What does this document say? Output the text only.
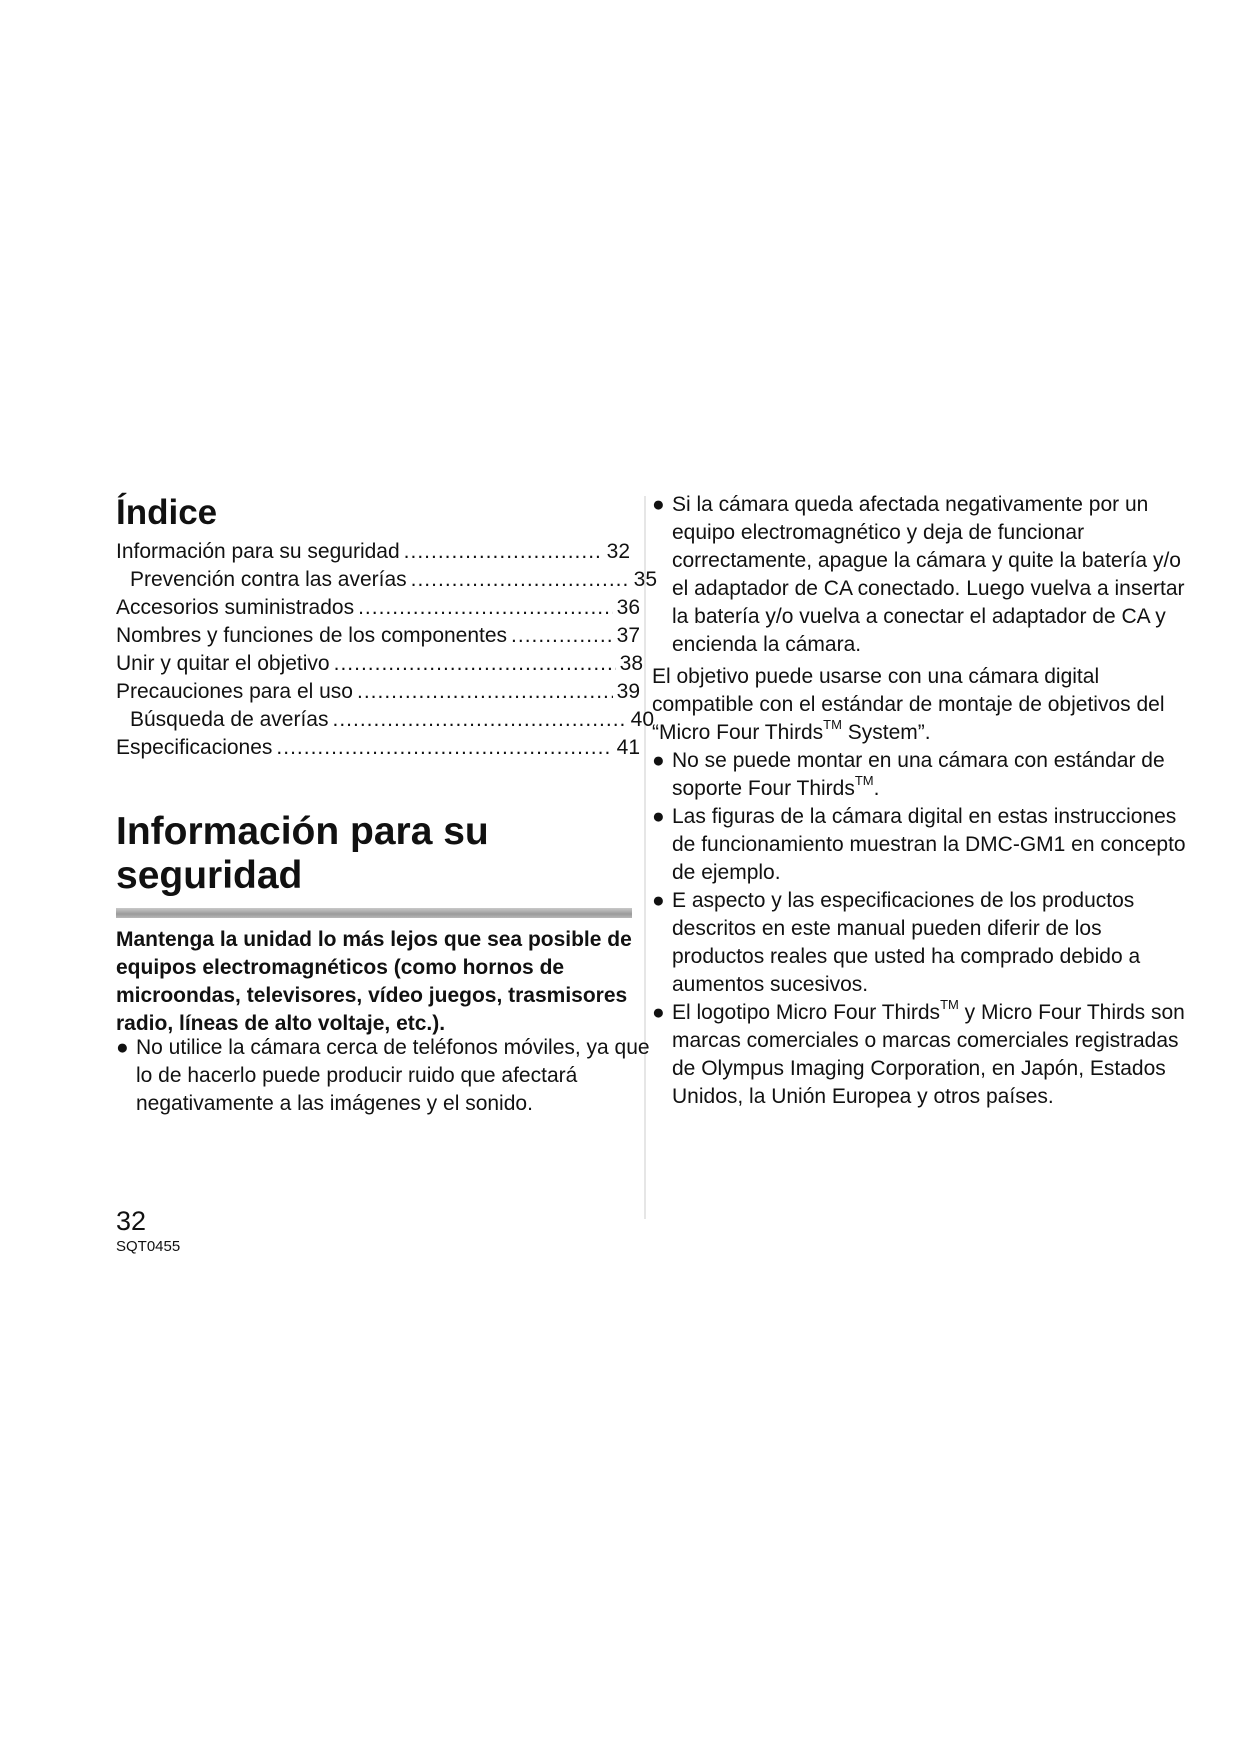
Índice
Información para su seguridad .....	32
Prevención contra las averías .....	35
Accesorios suministrados .....	36
Nombres y funciones de los componentes .....	37
Unir y quitar el objetivo .....	38
Precauciones para el uso .....	39
Búsqueda de averías .....	40
Especificaciones .....	41
Información para su
seguridad

Mantenga la unidad lo más lejos que sea posible de equipos electromagnéticos (como hornos de microondas, televisores, vídeo juegos, trasmisores radio, líneas de alto voltaje, etc.).

● No utilice la cámara cerca de teléfonos móviles, ya que lo de hacerlo puede producir ruido que afectará negativamente a las imágenes y el sonido.

● Si la cámara queda afectada negativamente por un equipo electromagnético y deja de funcionar correctamente, apague la cámara y quite la batería y/o el adaptador de CA conectado. Luego vuelva a insertar la batería y/o vuelva a conectar el adaptador de CA y encienda la cámara.

El objetivo puede usarse con una cámara digital compatible con el estándar de montaje de objetivos del “Micro Four Thirds™ System”.

● No se puede montar en una cámara con estándar de soporte Four Thirds™.

● Las figuras de la cámara digital en estas instrucciones de funcionamiento muestran la DMC-GM1 en concepto de ejemplo.

● E aspecto y las especificaciones de los productos descritos en este manual pueden diferir de los productos reales que usted ha comprado debido a aumentos sucesivos.

● El logotipo Micro Four Thirds™ y Micro Four Thirds son marcas comerciales o marcas comerciales registradas de Olympus Imaging Corporation, en Japón, Estados Unidos, la Unión Europea y otros países.

32

SQT0455
